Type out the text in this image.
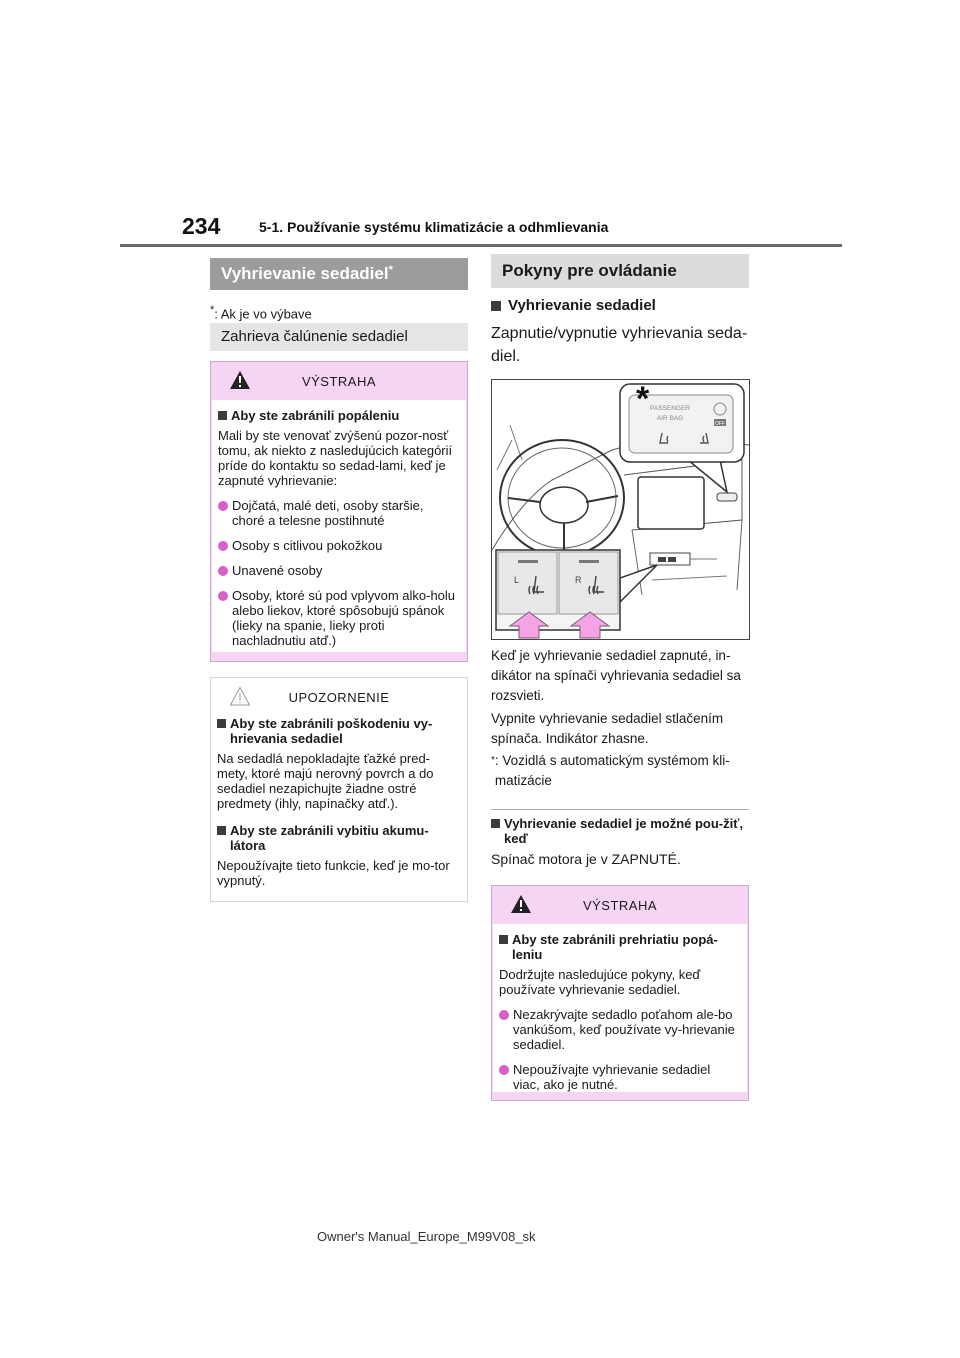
234	5-1. Používanie systému klimatizácie a odhmlievania
Vyhrievanie sedadiel*
*: Ak je vo výbave
Zahrieva čalúnenie sedadiel
VÝSTRAHA
Aby ste zabránili popáleniu

Mali by ste venovať zvýšenú pozor-nosť tomu, ak niekto z nasledujúcich kategórií príde do kontaktu so sedad-lami, keď je zapnuté vyhrievanie:

Dojčatá, malé deti, osoby staršie, choré a telesne postihnuté
Osoby s citlivou pokožkou
Unavené osoby
Osoby, ktoré sú pod vplyvom alko-holu alebo liekov, ktoré spôsobujú spánok (lieky na spanie, lieky proti nachladnutiu atď.)
UPOZORNENIE
Aby ste zabránili poškodeniu vy-hrievania sedadiel

Na sedadlá nepokladajte ťažké pred-mety, ktoré majú nerovný povrch a do sedadiel nezapichujte žiadne ostré predmety (ihly, napínačky atď.).

Aby ste zabránili vybitiu akumu-látora

Nepoužívajte tieto funkcie, keď je mo-tor vypnutý.

Pokyny pre ovládanie
Vyhrievanie sedadiel
Zapnutie/vypnutie vyhrievania seda-diel.
PASSENGER
AIR BAG
OFF
*
L	R
Keď je vyhrievanie sedadiel zapnuté, in-dikátor na spínači vyhrievania sedadiel sa rozsvieti.
Vypnite vyhrievanie sedadiel stlačením spínača. Indikátor zhasne.
* : Vozidlá s automatickým systémom kli-matizácie
Vyhrievanie sedadiel je možné pou-žiť, keď
Spínač motora je v ZAPNUTÉ.
VÝSTRAHA
Aby ste zabránili prehriatiu popá-leniu

Dodržujte nasledujúce pokyny, keď používate vyhrievanie sedadiel.

Nezakrývajte sedadlo poťahom ale-bo vankúšom, keď používate vy-hrievanie sedadiel.
Nepoužívajte vyhrievanie sedadiel viac, ako je nutné.
Owner's Manual_Europe_M99V08_sk
